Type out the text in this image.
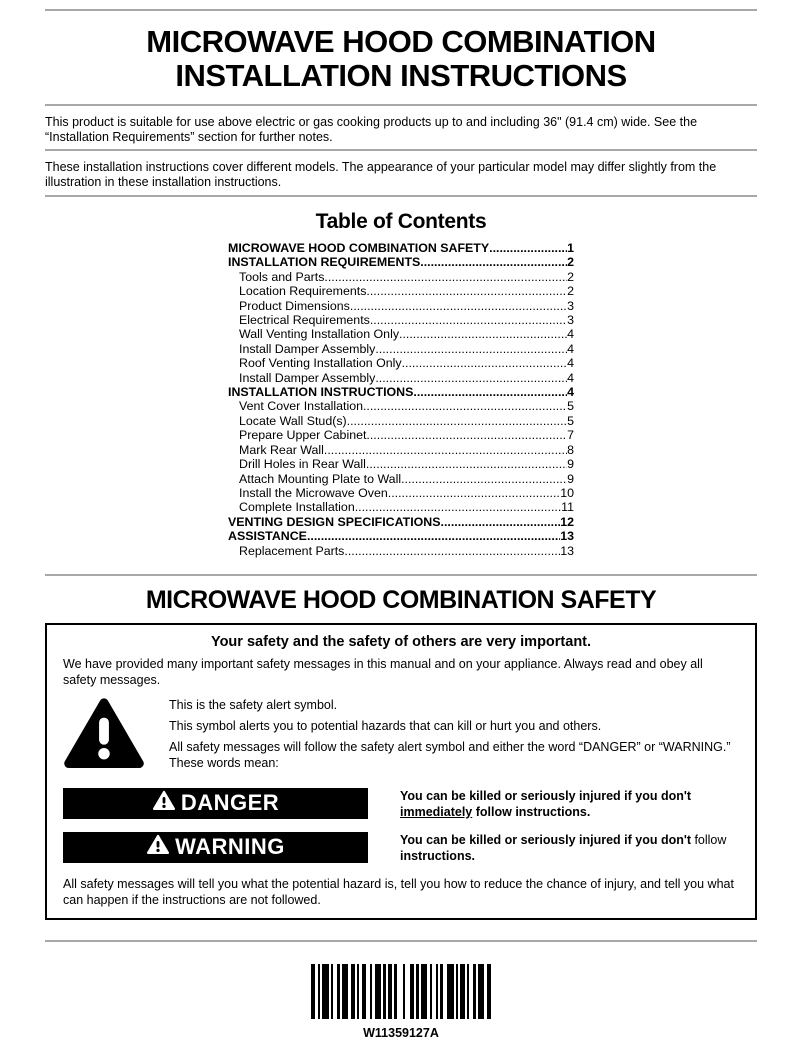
MICROWAVE HOOD COMBINATION
INSTALLATION INSTRUCTIONS

This product is suitable for use above electric or gas cooking products up to and including 36" (91.4 cm) wide. See the “Installation Requirements” section for further notes.

These installation instructions cover different models. The appearance of your particular model may differ slightly from the illustration in these installation instructions.

Table of Contents
MICROWAVE HOOD COMBINATION SAFETY .....	1
INSTALLATION REQUIREMENTS .....	2
Tools and Parts .....	2
Location Requirements .....	2
Product Dimensions .....	3
Electrical Requirements .....	3
Wall Venting Installation Only .....	4
Install Damper Assembly .....	4
Roof Venting Installation Only .....	4
Install Damper Assembly .....	4
INSTALLATION INSTRUCTIONS .....	4
Vent Cover Installation .....	5
Locate Wall Stud(s) .....	5
Prepare Upper Cabinet .....	7
Mark Rear Wall .....	8
Drill Holes in Rear Wall .....	9
Attach Mounting Plate to Wall .....	9
Install the Microwave Oven .....	10
Complete Installation .....	11
VENTING DESIGN SPECIFICATIONS .....	12
ASSISTANCE .....	13
Replacement Parts .....	13
MICROWAVE HOOD COMBINATION SAFETY
Your safety and the safety of others are very important.

We have provided many important safety messages in this manual and on your appliance. Always read and obey all safety messages.

This is the safety alert symbol.

This symbol alerts you to potential hazards that can kill or hurt you and others.

All safety messages will follow the safety alert symbol and either the word “DANGER” or “WARNING.” These words mean:

DANGER	You can be killed or seriously injured if you don't immediately follow instructions.

WARNING	You can be killed or seriously injured if you don't follow instructions.

All safety messages will tell you what the potential hazard is, tell you how to reduce the chance of injury, and tell you what can happen if the instructions are not followed.

W11359127A
